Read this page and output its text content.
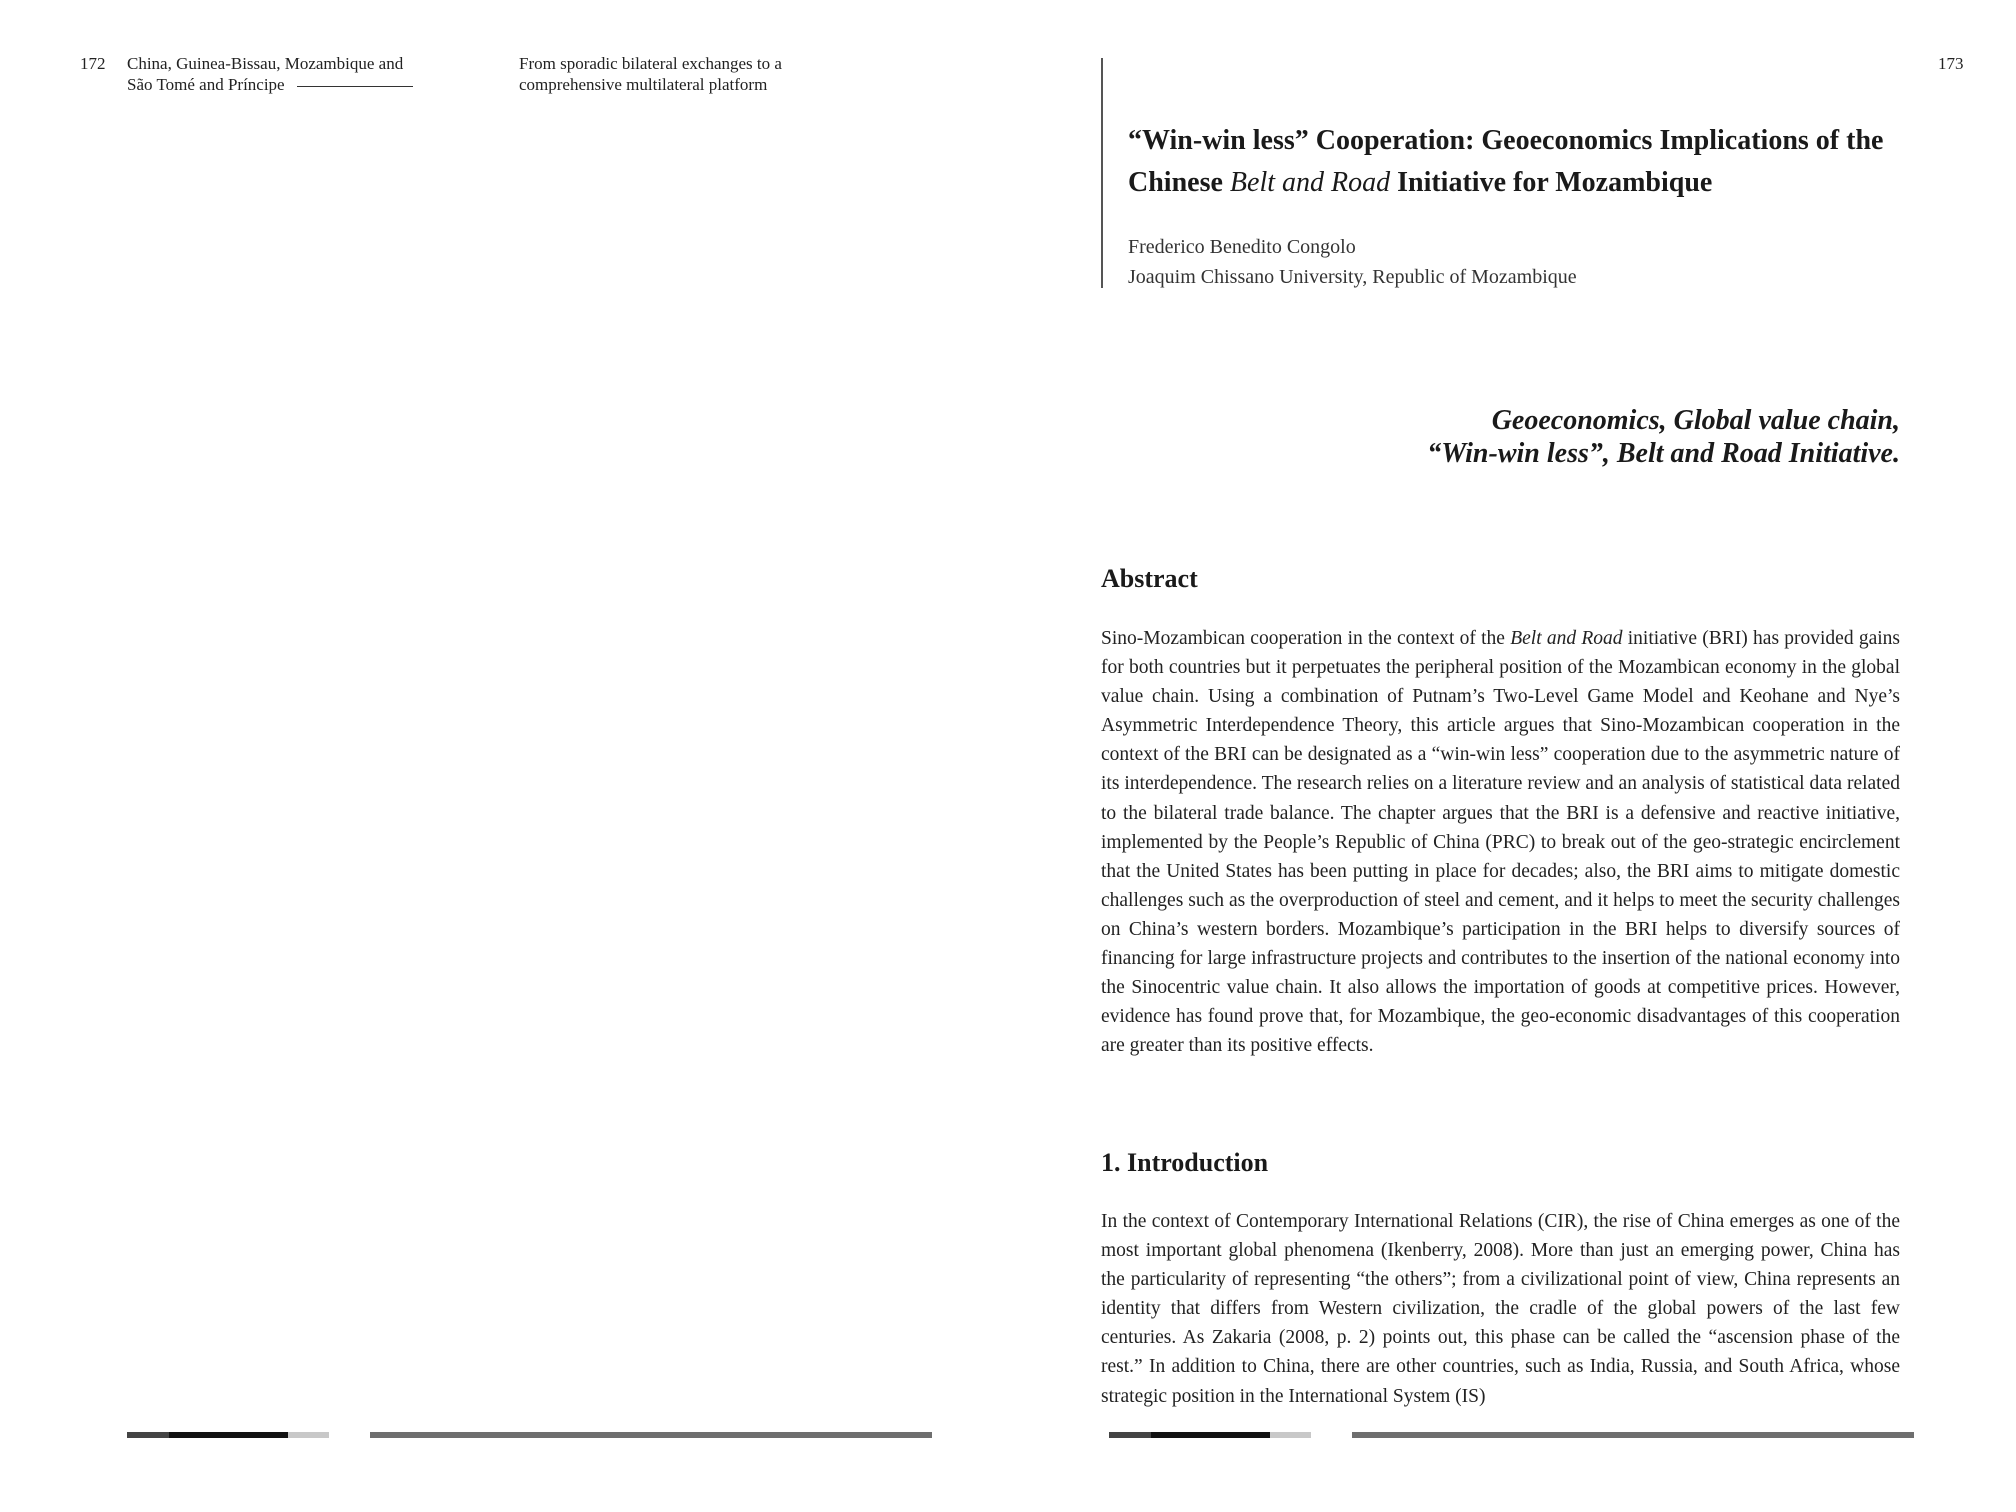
172 China, Guinea-Bissau, Mozambique and
São Tomé and Príncipe
From sporadic bilateral exchanges to a
comprehensive multilateral platform
173
“Win-win less” Cooperation: Geoeconomics Implications of the Chinese Belt and Road Initiative for Mozambique
Frederico Benedito Congolo
Joaquim Chissano University, Republic of Mozambique
Geoeconomics, Global value chain,
“Win-win less”, Belt and Road Initiative.
Abstract

Sino-Mozambican cooperation in the context of the Belt and Road initiative (BRI) has provided gains for both countries but it perpetuates the peripheral position of the Mozambican economy in the global value chain. Using a combination of Putnam’s Two-Level Game Model and Keohane and Nye’s Asymmetric Interdependence Theory, this article argues that Sino-Mozambican cooperation in the context of the BRI can be designated as a “win-win less” cooperation due to the asymmetric nature of its interdependence. The research relies on a literature review and an analysis of statistical data related to the bilateral trade balance. The chapter argues that the BRI is a defensive and reactive initiative, implemented by the People’s Republic of China (PRC) to break out of the geo-strategic encirclement that the United States has been putting in place for decades; also, the BRI aims to mitigate domestic challenges such as the overproduction of steel and cement, and it helps to meet the security challenges on China’s western borders. Mozambique’s participation in the BRI helps to diversify sources of financing for large infrastructure projects and contributes to the insertion of the national economy into the Sinocentric value chain. It also allows the importation of goods at competitive prices. However, evidence has found prove that, for Mozambique, the geo-economic disadvantages of this cooperation are greater than its positive effects.

1. Introduction

In the context of Contemporary International Relations (CIR), the rise of China emerges as one of the most important global phenomena (Ikenberry, 2008). More than just an emerging power, China has the particularity of representing “the others”; from a civilizational point of view, China represents an identity that differs from Western civilization, the cradle of the global powers of the last few centuries. As Zakaria (2008, p. 2) points out, this phase can be called the “ascension phase of the rest.” In addition to China, there are other countries, such as India, Russia, and South Africa, whose strategic position in the International System (IS)
